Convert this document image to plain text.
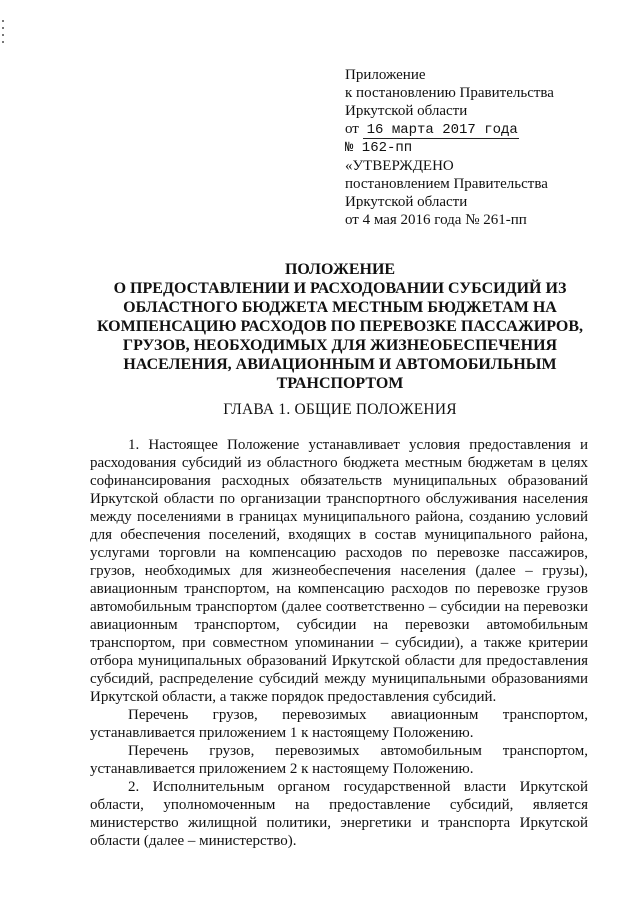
Приложение
к постановлению Правительства
Иркутской области
от 16 марта 2017 года
№ 162-пп
«УТВЕРЖДЕНО
постановлением Правительства
Иркутской области
от 4 мая 2016 года № 261-пп
ПОЛОЖЕНИЕ
О ПРЕДОСТАВЛЕНИИ И РАСХОДОВАНИИ СУБСИДИЙ ИЗ
ОБЛАСТНОГО БЮДЖЕТА МЕСТНЫМ БЮДЖЕТАМ НА
КОМПЕНСАЦИЮ РАСХОДОВ ПО ПЕРЕВОЗКЕ ПАССАЖИРОВ,
ГРУЗОВ, НЕОБХОДИМЫХ ДЛЯ ЖИЗНЕОБЕСПЕЧЕНИЯ
НАСЕЛЕНИЯ, АВИАЦИОННЫМ И АВТОМОБИЛЬНЫМ
ТРАНСПОРТОМ
ГЛАВА 1. ОБЩИЕ ПОЛОЖЕНИЯ

1. Настоящее Положение устанавливает условия предоставления и расходования субсидий из областного бюджета местным бюджетам в целях софинансирования расходных обязательств муниципальных образований Иркутской области по организации транспортного обслуживания населения между поселениями в границах муниципального района, созданию условий для обеспечения поселений, входящих в состав муниципального района, услугами торговли на компенсацию расходов по перевозке пассажиров, грузов, необходимых для жизнеобеспечения населения (далее – грузы), авиационным транспортом, на компенсацию расходов по перевозке грузов автомобильным транспортом (далее соответственно – субсидии на перевозки авиационным транспортом, субсидии на перевозки автомобильным транспортом, при совместном упоминании – субсидии), а также критерии отбора муниципальных образований Иркутской области для предоставления субсидий, распределение субсидий между муниципальными образованиями Иркутской области, а также порядок предоставления субсидий.

Перечень грузов, перевозимых авиационным транспортом, устанавливается приложением 1 к настоящему Положению.

Перечень грузов, перевозимых автомобильным транспортом, устанавливается приложением 2 к настоящему Положению.

2. Исполнительным органом государственной власти Иркутской области, уполномоченным на предоставление субсидий, является министерство жилищной политики, энергетики и транспорта Иркутской области (далее – министерство).
